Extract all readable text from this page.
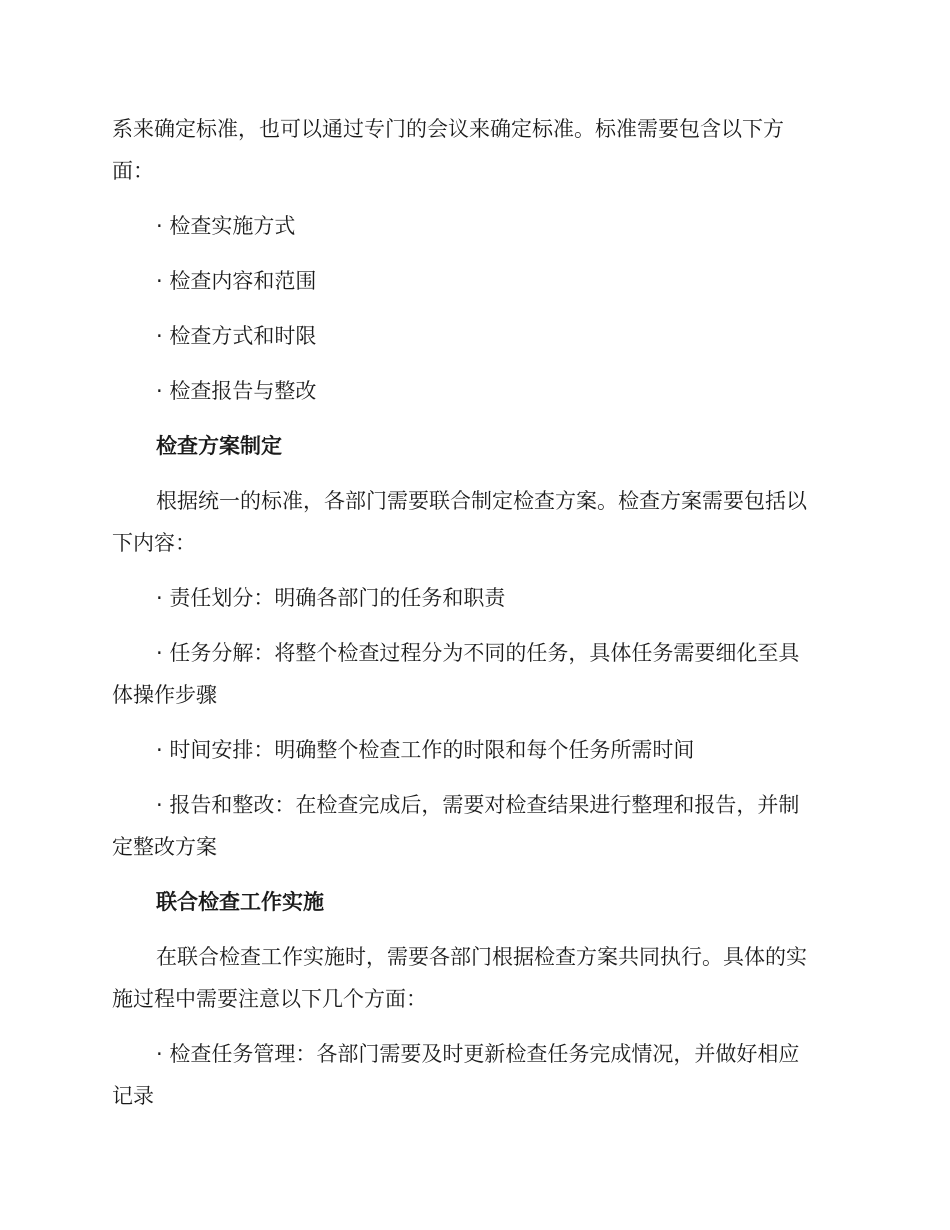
系来确定标准，也可以通过专门的会议来确定标准。标准需要包含以下方

面：

· 检查实施方式

· 检查内容和范围

· 检查方式和时限

· 检查报告与整改

检查方案制定

根据统一的标准，各部门需要联合制定检查方案。检查方案需要包括以

下内容：

· 责任划分：明确各部门的任务和职责

· 任务分解：将整个检查过程分为不同的任务，具体任务需要细化至具

体操作步骤

· 时间安排：明确整个检查工作的时限和每个任务所需时间

· 报告和整改：在检查完成后，需要对检查结果进行整理和报告，并制

定整改方案

联合检查工作实施

在联合检查工作实施时，需要各部门根据检查方案共同执行。具体的实

施过程中需要注意以下几个方面：

· 检查任务管理：各部门需要及时更新检查任务完成情况，并做好相应

记录
